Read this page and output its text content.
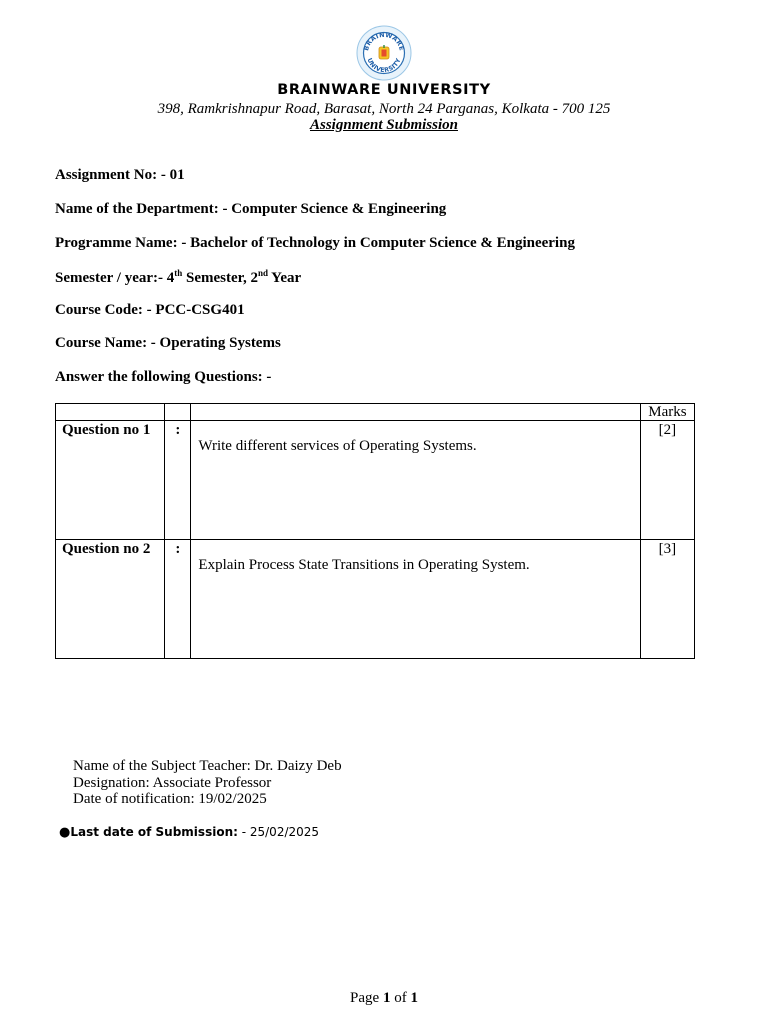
BRAINWARE
UNIVERSITY
BRAINWARE UNIVERSITY
398, Ramkrishnapur Road, Barasat, North 24 Parganas, Kolkata - 700 125
Assignment Submission
Assignment No: - 01
Name of the Department: - Computer Science & Engineering
Programme Name: - Bachelor of Technology in Computer Science & Engineering
Semester / year:- 4th Semester, 2nd Year
Course Code: - PCC-CSG401
Course Name: - Operating Systems
Answer the following Questions: -
			Marks
Question no 1	:	Write different services of Operating Systems.	[2]
Question no 2	:	Explain Process State Transitions in Operating System.	[3]
Name of the Subject Teacher: Dr. Daizy Deb
Designation: Associate Professor
Date of notification: 19/02/2025
●Last date of Submission: - 25/02/2025
Page 1 of 1
